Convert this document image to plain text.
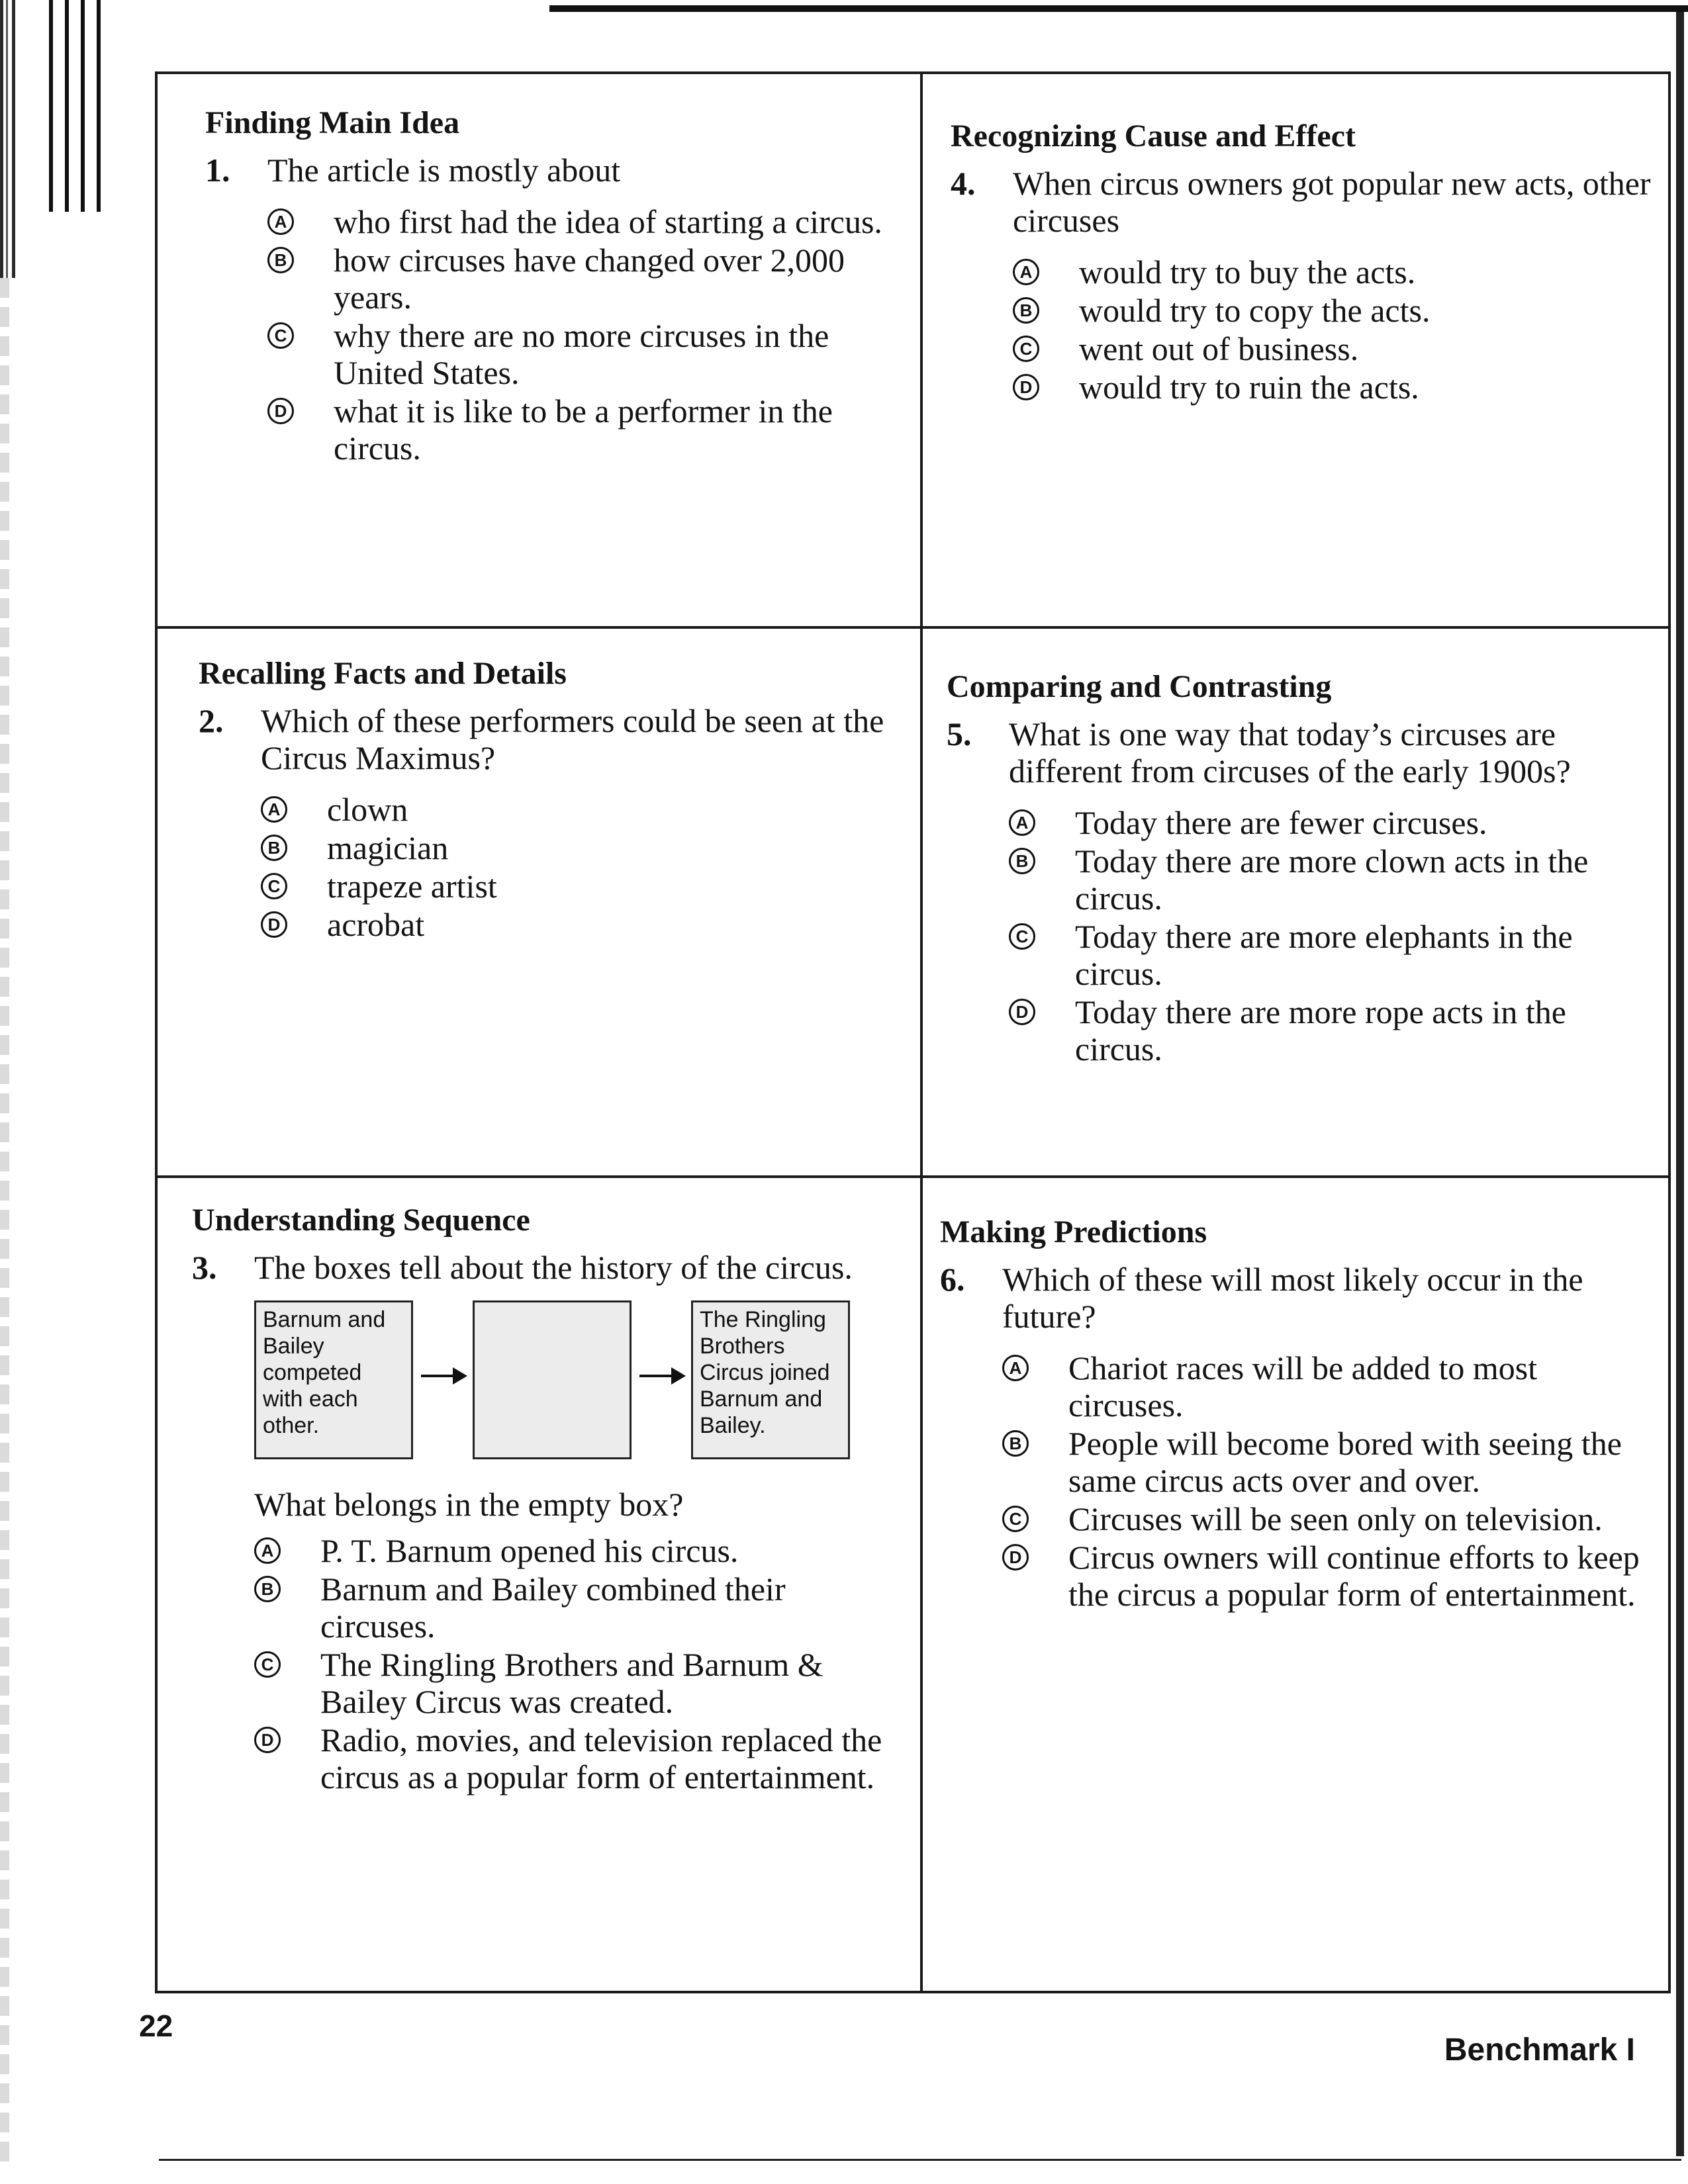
Finding Main Idea
1.	The article is mostly about
A who first had the idea of starting a circus.
B how circuses have changed over 2,000 years.
C why there are no more circuses in the United States.
D what it is like to be a performer in the circus.
Recognizing Cause and Effect
4.	When circus owners got popular new acts, other circuses
A would try to buy the acts.
B would try to copy the acts.
C went out of business.
D would try to ruin the acts.
Recalling Facts and Details
2.	Which of these performers could be seen at the Circus Maximus?
A clown
B magician
C trapeze artist
D acrobat
Comparing and Contrasting
5.	What is one way that today’s circuses are different from circuses of the early 1900s?
A Today there are fewer circuses.
B Today there are more clown acts in the circus.
C Today there are more elephants in the circus.
D Today there are more rope acts in the circus.
Understanding Sequence
3.	The boxes tell about the history of the circus.
Barnum and Bailey competed with each other.
The Ringling Brothers Circus joined Barnum and Bailey.
What belongs in the empty box?
A P. T. Barnum opened his circus.
B Barnum and Bailey combined their circuses.
C The Ringling Brothers and Barnum & Bailey Circus was created.
D Radio, movies, and television replaced the circus as a popular form of entertainment.
Making Predictions
6.	Which of these will most likely occur in the future?
A Chariot races will be added to most circuses.
B People will become bored with seeing the same circus acts over and over.
C Circuses will be seen only on television.
D Circus owners will continue efforts to keep the circus a popular form of entertainment.
22
Benchmark I
